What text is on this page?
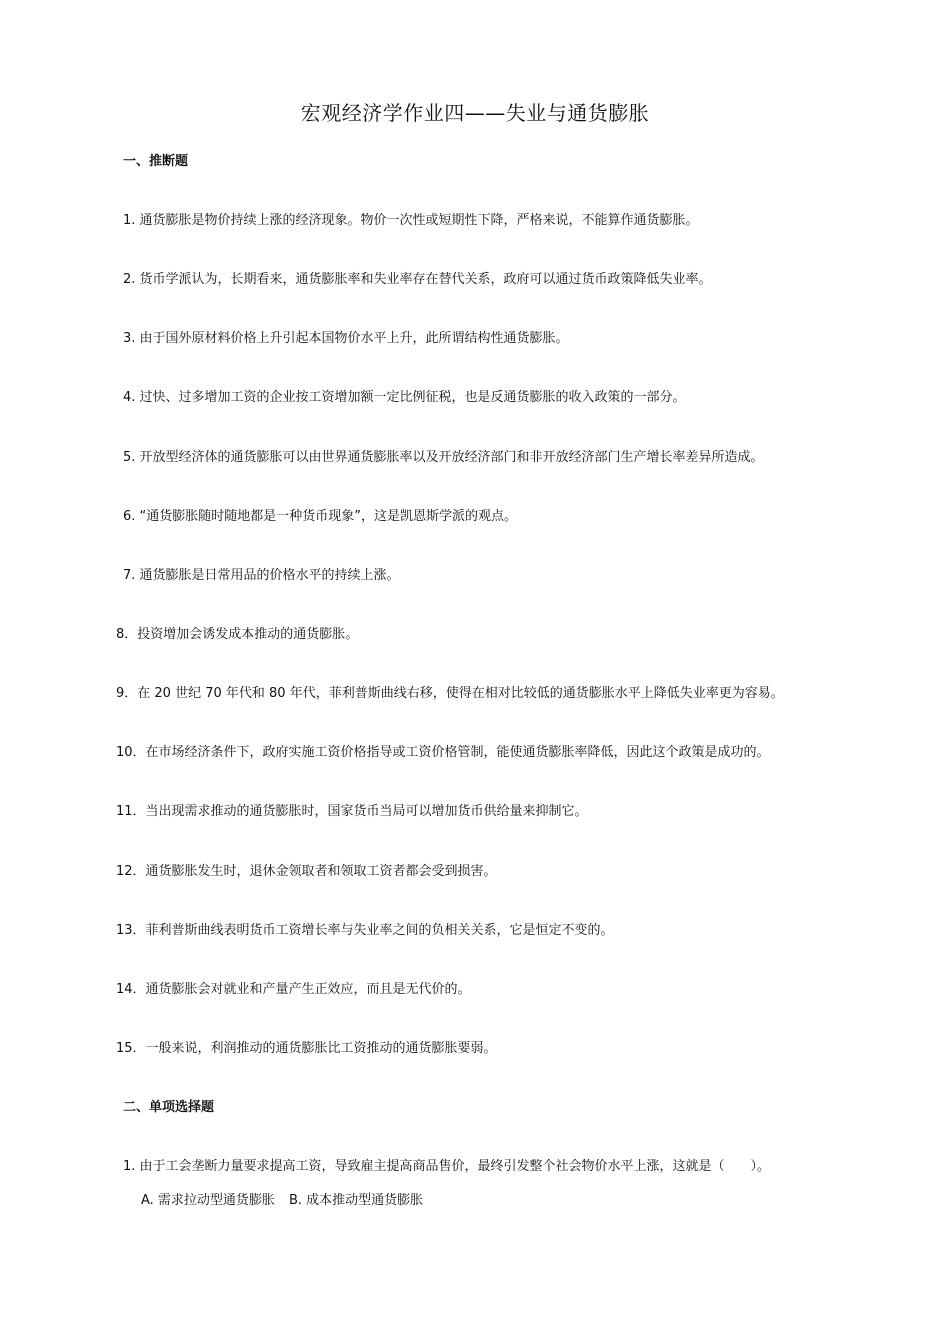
宏观经济学作业四——失业与通货膨胀
一、推断题
1. 通货膨胀是物价持续上涨的经济现象。物价一次性或短期性下降，严格来说，不能算作通货膨胀。
2. 货币学派认为，长期看来，通货膨胀率和失业率存在替代关系，政府可以通过货币政策降低失业率。
3. 由于国外原材料价格上升引起本国物价水平上升，此所谓结构性通货膨胀。
4. 过快、过多增加工资的企业按工资增加额一定比例征税，也是反通货膨胀的收入政策的一部分。
5. 开放型经济体的通货膨胀可以由世界通货膨胀率以及开放经济部门和非开放经济部门生产增长率差异所造成。
6. “通货膨胀随时随地都是一种货币现象”，这是凯恩斯学派的观点。
7. 通货膨胀是日常用品的价格水平的持续上涨。
8．投资增加会诱发成本推动的通货膨胀。
9．在 20 世纪 70 年代和 80 年代，菲利普斯曲线右移，使得在相对比较低的通货膨胀水平上降低失业率更为容易。
10．在市场经济条件下，政府实施工资价格指导或工资价格管制，能使通货膨胀率降低，因此这个政策是成功的。
11．当出现需求推动的通货膨胀时，国家货币当局可以增加货币供给量来抑制它。
12．通货膨胀发生时，退休金领取者和领取工资者都会受到损害。
13．菲利普斯曲线表明货币工资增长率与失业率之间的负相关关系，它是恒定不变的。
14．通货膨胀会对就业和产量产生正效应，而且是无代价的。
15．一般来说，利润推动的通货膨胀比工资推动的通货膨胀要弱。
二、单项选择题
1. 由于工会垄断力量要求提高工资，导致雇主提高商品售价，最终引发整个社会物价水平上涨，这就是（　　）。
A. 需求拉动型通货膨胀 B. 成本推动型通货膨胀
